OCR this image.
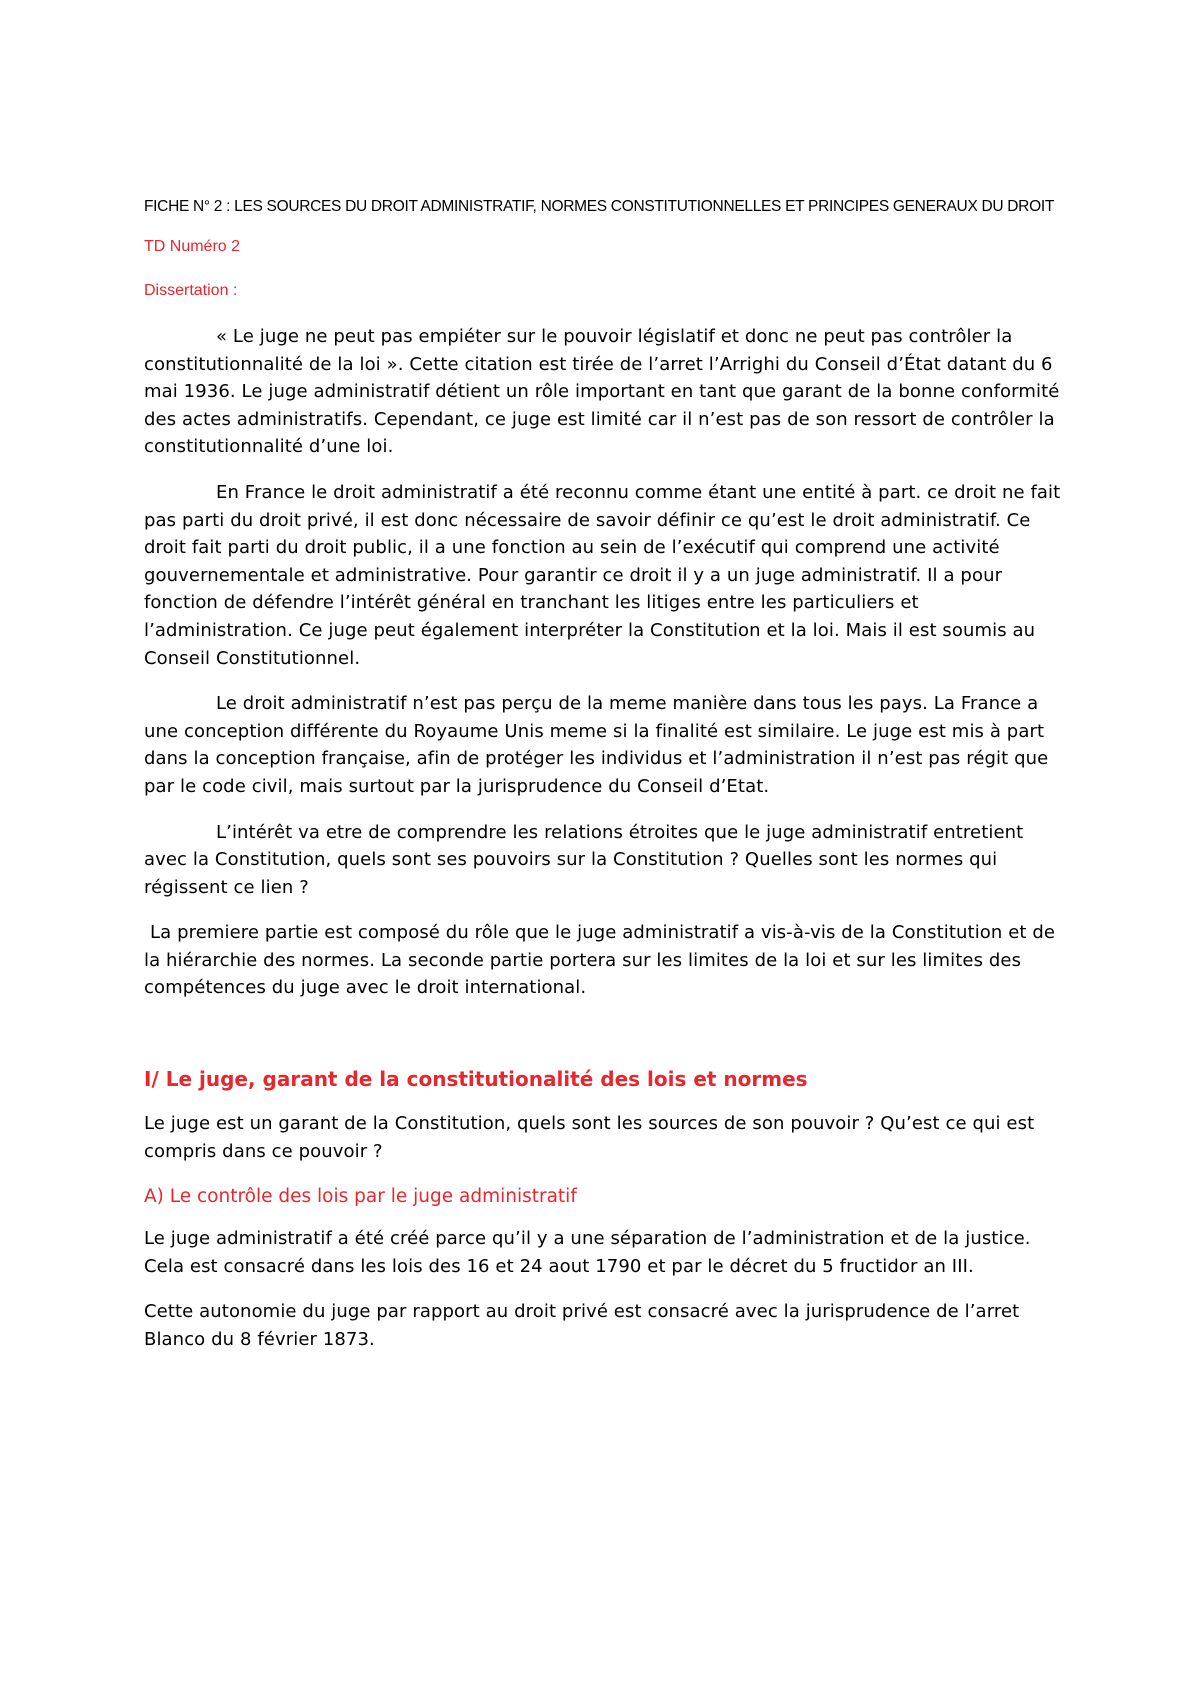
FICHE N° 2 : LES SOURCES DU DROIT ADMINISTRATIF, NORMES CONSTITUTIONNELLES ET PRINCIPES GENERAUX DU DROIT

TD Numéro 2

Dissertation :

« Le juge ne peut pas empiéter sur le pouvoir législatif et donc ne peut pas contrôler la constitutionnalité de la loi ». Cette citation est tirée de l’arret l’Arrighi du Conseil d’État datant du 6 mai 1936. Le juge administratif détient un rôle important en tant que garant de la bonne conformité des actes administratifs. Cependant, ce juge est limité car il n’est pas de son ressort de contrôler la constitutionnalité d’une loi.

En France le droit administratif a été reconnu comme étant une entité à part. ce droit ne fait pas parti du droit privé, il est donc nécessaire de savoir définir ce qu’est le droit administratif. Ce droit fait parti du droit public, il a une fonction au sein de l’exécutif qui comprend une activité gouvernementale et administrative. Pour garantir ce droit il y a un juge administratif. Il a pour fonction de défendre l’intérêt général en tranchant les litiges entre les particuliers et l’administration. Ce juge peut également interpréter la Constitution et la loi. Mais il est soumis au Conseil Constitutionnel.

Le droit administratif n’est pas perçu de la meme manière dans tous les pays. La France a une conception différente du Royaume Unis meme si la finalité est similaire. Le juge est mis à part dans la conception française, afin de protéger les individus et l’administration il n’est pas régit que par le code civil, mais surtout par la jurisprudence du Conseil d’Etat.

L’intérêt va etre de comprendre les relations étroites que le juge administratif entretient avec la Constitution, quels sont ses pouvoirs sur la Constitution ? Quelles sont les normes qui régissent ce lien ?

La premiere partie est composé du rôle que le juge administratif a vis-à-vis de la Constitution et de la hiérarchie des normes. La seconde partie portera sur les limites de la loi et sur les limites des compétences du juge avec le droit international.

I/ Le juge, garant de la constitutionalité des lois et normes

Le juge est un garant de la Constitution, quels sont les sources de son pouvoir ? Qu’est ce qui est compris dans ce pouvoir ?

A) Le contrôle des lois par le juge administratif

Le juge administratif a été créé parce qu’il y a une séparation de l’administration et de la justice. Cela est consacré dans les lois des 16 et 24 aout 1790 et par le décret du 5 fructidor an III.

Cette autonomie du juge par rapport au droit privé est consacré avec la jurisprudence de l’arret Blanco du 8 février 1873.
